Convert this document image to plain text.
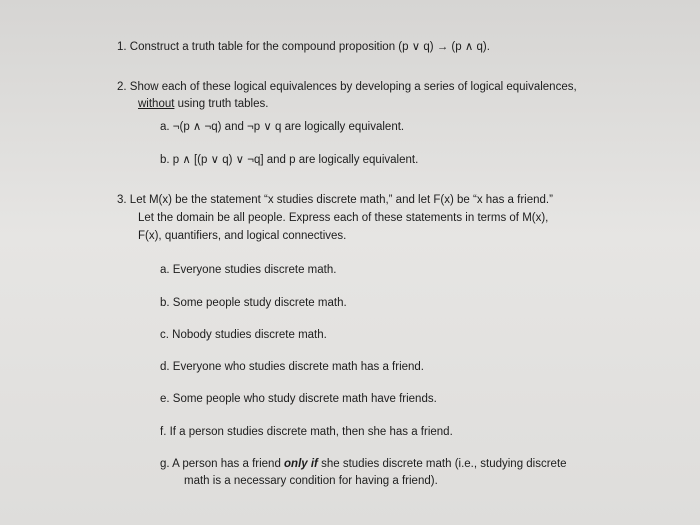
1. Construct a truth table for the compound proposition (p ∨ q) → (p ∧ q).
2. Show each of these logical equivalences by developing a series of logical equivalences,
without using truth tables.
a. ¬(p ∧ ¬q) and ¬p ∨ q are logically equivalent.
b. p ∧ [(p ∨ q) ∨ ¬q] and p are logically equivalent.
3. Let M(x) be the statement “x studies discrete math,” and let F(x) be “x has a friend.”
Let the domain be all people. Express each of these statements in terms of M(x),
F(x), quantifiers, and logical connectives.
a. Everyone studies discrete math.
b. Some people study discrete math.
c. Nobody studies discrete math.
d. Everyone who studies discrete math has a friend.
e. Some people who study discrete math have friends.
f. If a person studies discrete math, then she has a friend.
g. A person has a friend only if she studies discrete math (i.e., studying discrete
math is a necessary condition for having a friend).
